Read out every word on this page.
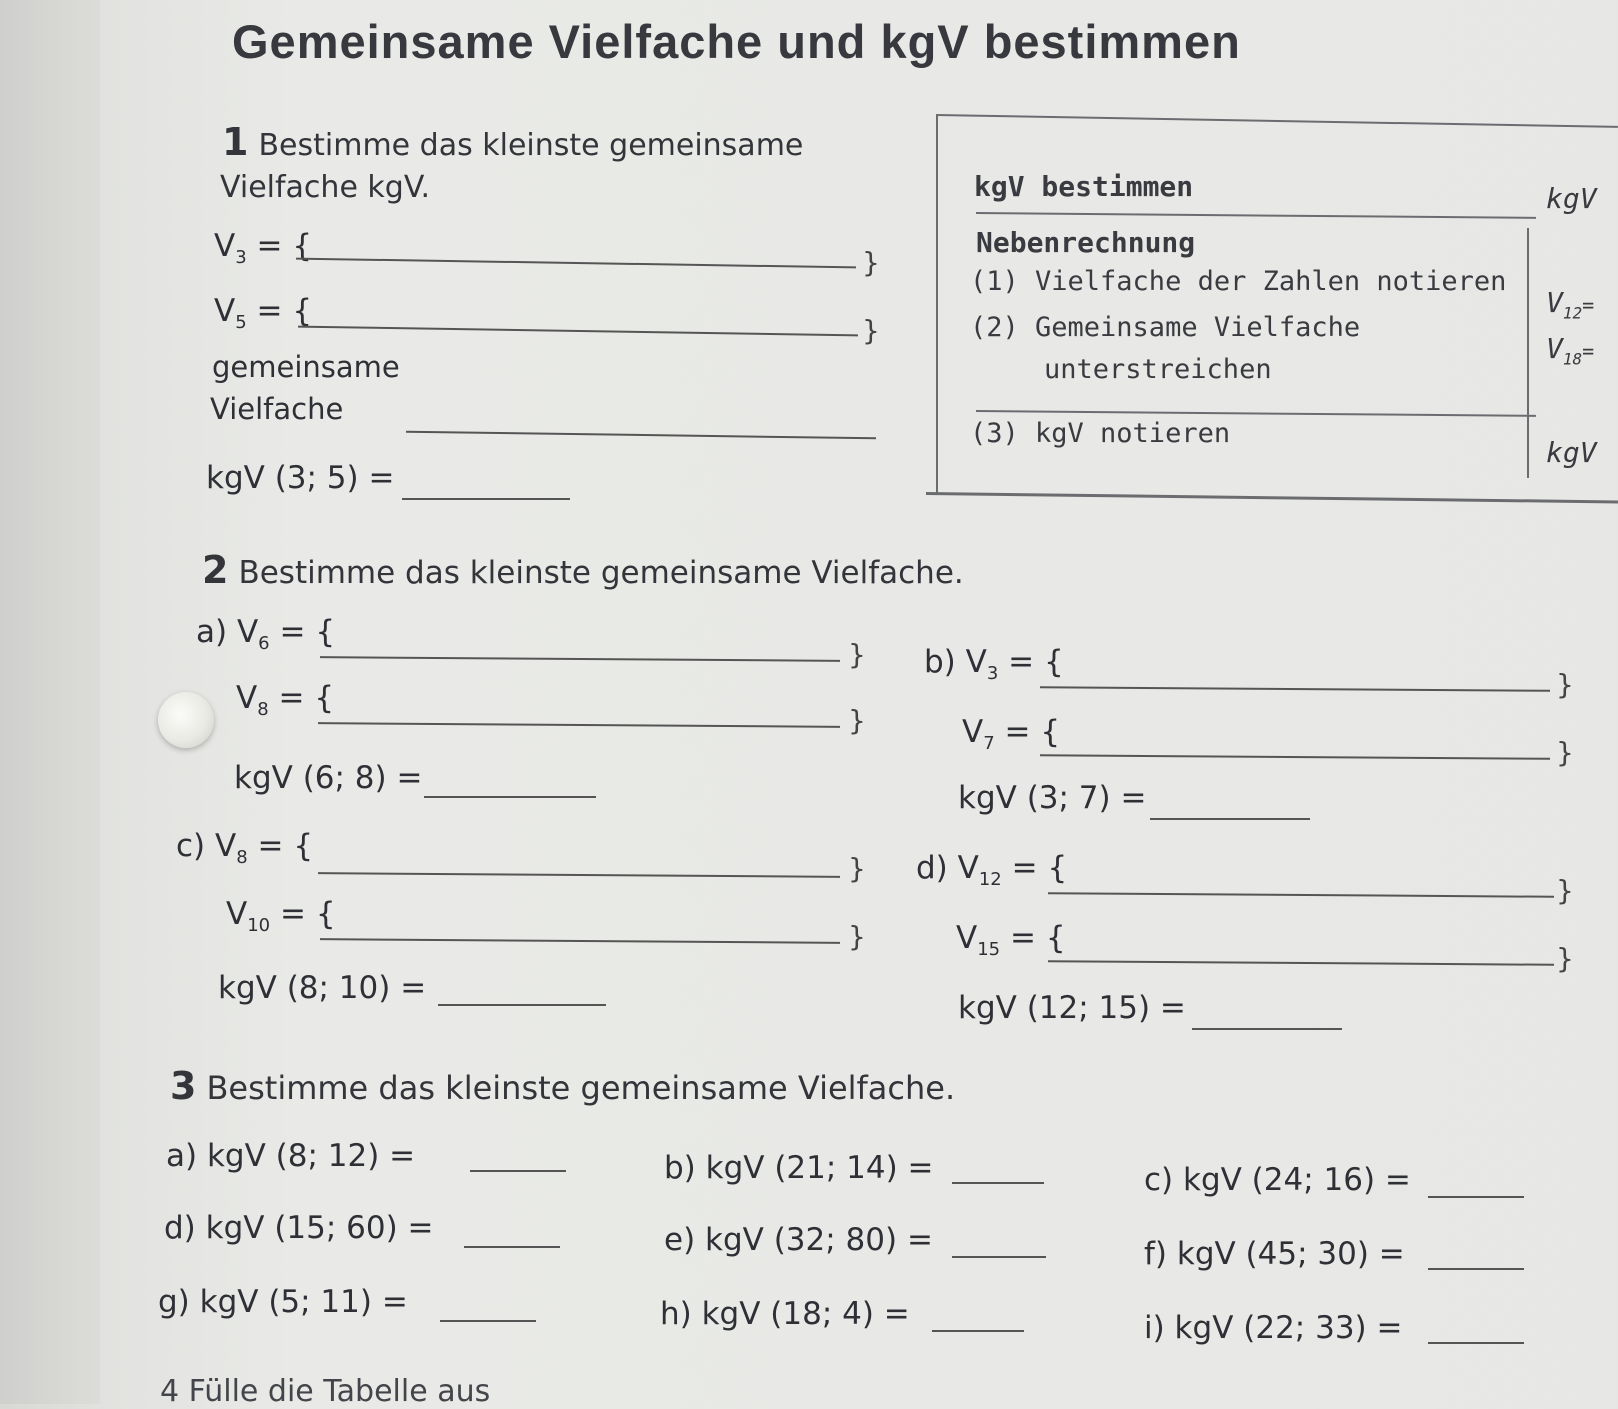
Gemeinsame Vielfache und kgV bestimmen
1 Bestimme das kleinste gemeinsame
Vielfache kgV.
$V_3$ = {	}
$V_5$ = {
}
gemeinsame
Vielfache
kgV (3; 5) =
kgV bestimmen
Nebenrechnung
(1) Vielfache der Zahlen notieren
(2) Gemeinsame Vielfache
unterstreichen
(3) kgV notieren
kgV
$V_{12}=$
$V_{18}=$
kgV
2 Bestimme das kleinste gemeinsame Vielfache.
a) $V_6$ = {
}
$V_8$ = {
}
kgV (6; 8) =
b) $V_3$ = {
}
$V_7$ = {
}
kgV (3; 7) =
c) $V_8$ = {
}
$V_{10}$ = {
}
kgV (8; 10) =
d) $V_{12}$ = {
}
$V_{15}$ = {
}
kgV (12; 15) =
3 Bestimme das kleinste gemeinsame Vielfache.
a) kgV (8; 12) =	b) kgV (21; 14) =	c) kgV (24; 16) =
d) kgV (15; 60) =	e) kgV (32; 80) =	f) kgV (45; 30) =
g) kgV (5; 11) =	h) kgV (18; 4) =	i) kgV (22; 33) =
4 Fülle die Tabelle aus
